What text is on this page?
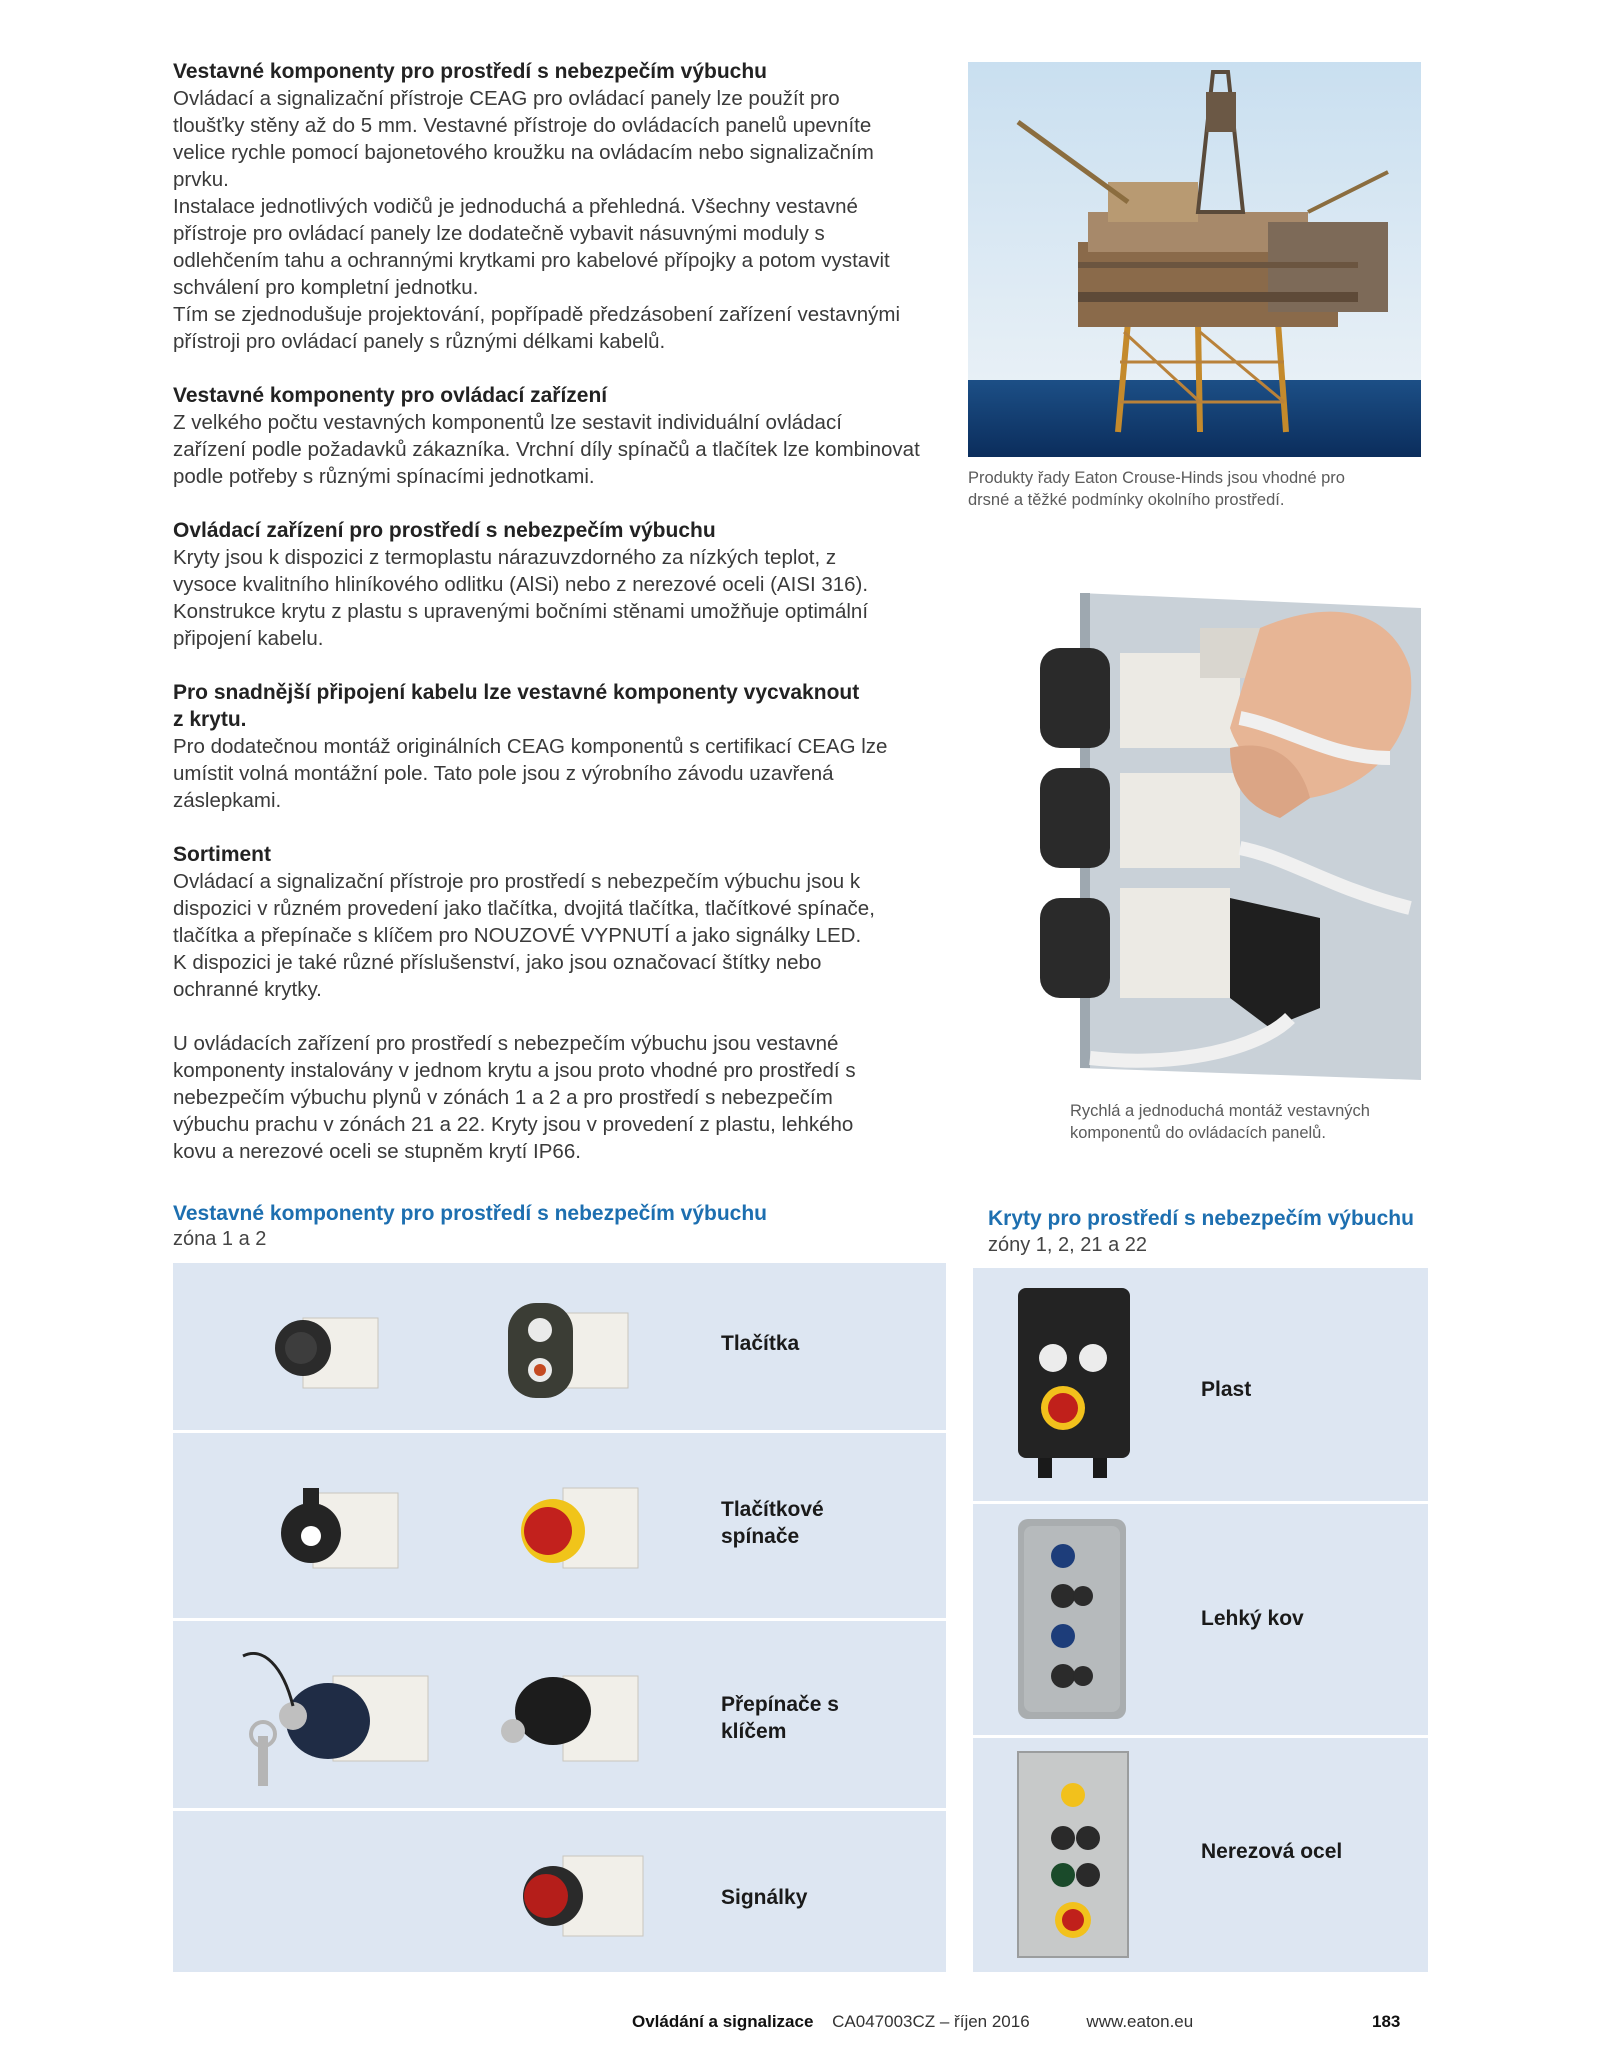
Vestavné komponenty pro prostředí s nebezpečím výbuchu

Ovládací a signalizační přístroje CEAG pro ovládací panely lze použít pro
tloušťky stěny až do 5 mm. Vestavné přístroje do ovládacích panelů upevníte
velice rychle pomocí bajonetového kroužku na ovládacím nebo signalizačním
prvku.
Instalace jednotlivých vodičů je jednoduchá a přehledná. Všechny vestavné
přístroje pro ovládací panely lze dodatečně vybavit násuvnými moduly s
odlehčením tahu a ochrannými krytkami pro kabelové přípojky a potom vystavit
schválení pro kompletní jednotku.
Tím se zjednodušuje projektování, popřípadě předzásobení zařízení vestavnými
přístroji pro ovládací panely s různými délkami kabelů.

Vestavné komponenty pro ovládací zařízení

Z velkého počtu vestavných komponentů lze sestavit individuální ovládací
zařízení podle požadavků zákazníka. Vrchní díly spínačů a tlačítek lze kombinovat
podle potřeby s různými spínacími jednotkami.

Ovládací zařízení pro prostředí s nebezpečím výbuchu

Kryty jsou k dispozici z termoplastu nárazuvzdorného za nízkých teplot, z
vysoce kvalitního hliníkového odlitku (AlSi) nebo z nerezové oceli (AISI 316).
Konstrukce krytu z plastu s upravenými bočními stěnami umožňuje optimální
připojení kabelu.

Pro snadnější připojení kabelu lze vestavné komponenty vycvaknout
z krytu.

Pro dodatečnou montáž originálních CEAG komponentů s certifikací CEAG lze
umístit volná montážní pole. Tato pole jsou z výrobního závodu uzavřená
záslepkami.

Sortiment

Ovládací a signalizační přístroje pro prostředí s nebezpečím výbuchu jsou k
dispozici v různém provedení jako tlačítka, dvojitá tlačítka, tlačítkové spínače,
tlačítka a přepínače s klíčem pro NOUZOVÉ VYPNUTÍ a jako signálky LED.
K dispozici je také různé příslušenství, jako jsou označovací štítky nebo
ochranné krytky.

U ovládacích zařízení pro prostředí s nebezpečím výbuchu jsou vestavné
komponenty instalovány v jednom krytu a jsou proto vhodné pro prostředí s
nebezpečím výbuchu plynů v zónách 1 a 2 a pro prostředí s nebezpečím
výbuchu prachu v zónách 21 a 22. Kryty jsou v provedení z plastu, lehkého
kovu a nerezové oceli se stupněm krytí IP66.

Produkty řady Eaton Crouse-Hinds jsou vhodné pro
drsné a těžké podmínky okolního prostředí.
Rychlá a jednoduchá montáž vestavných
komponentů do ovládacích panelů.
Vestavné komponenty pro prostředí s nebezpečím výbuchu
zóna 1 a 2
Tlačítka
Tlačítkové
spínače
Přepínače s
klíčem
Signálky
Kryty pro prostředí s nebezpečím výbuchu
zóny 1, 2, 21 a 22
Plast
Lehký kov
Nerezová ocel
Ovládání a signalizace CA047003CZ – říjen 2016	www.eaton.eu	183
